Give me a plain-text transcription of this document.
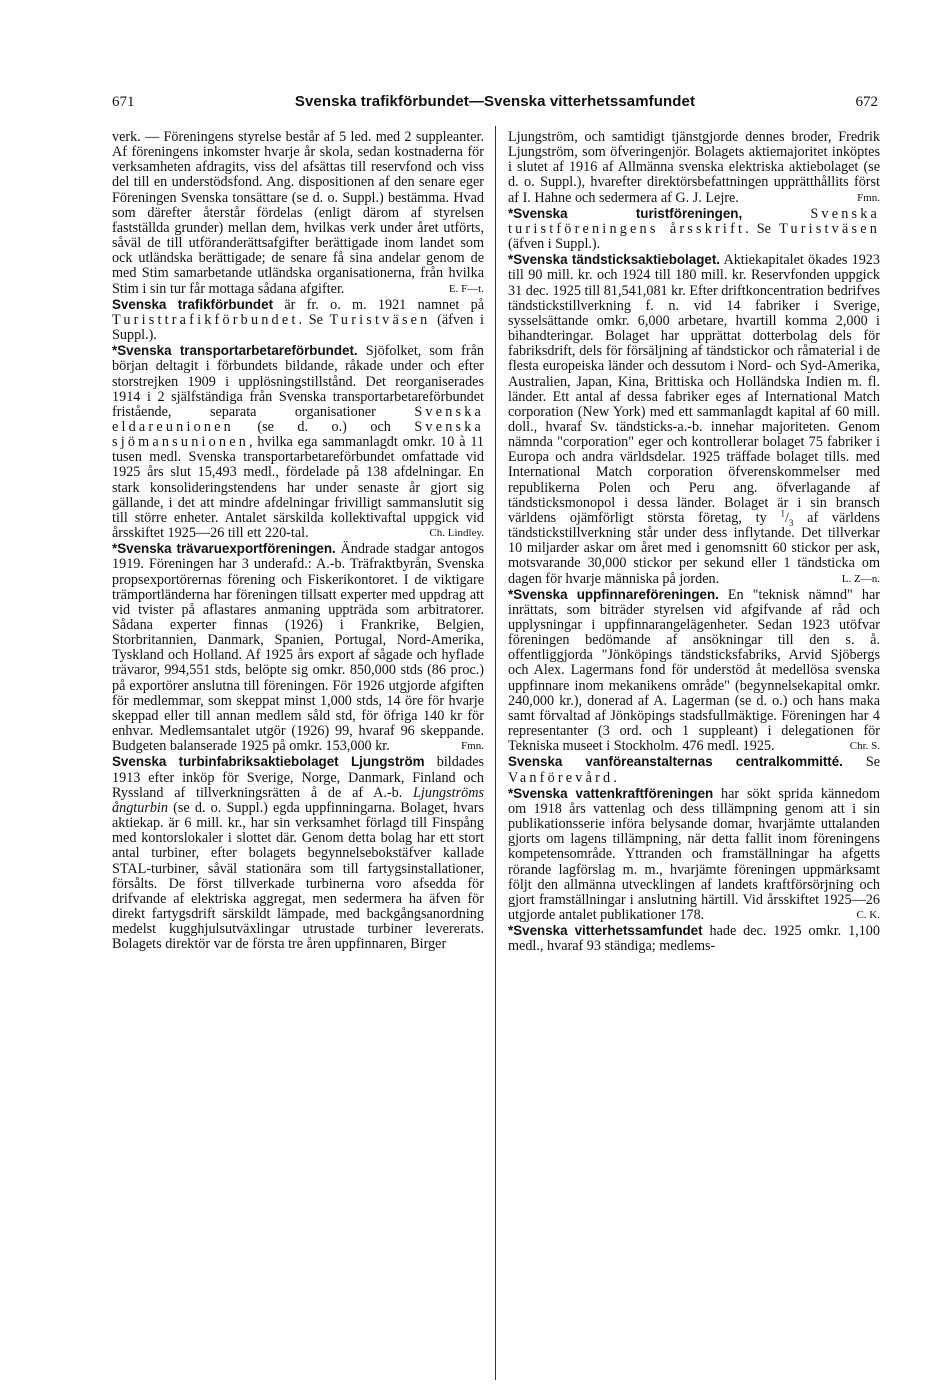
671	Svenska trafikförbundet—Svenska vitterhetssamfundet	672

verk. — Föreningens styrelse består af 5 led. med 2 suppleanter. Af föreningens inkomster hvarje år skola, sedan kostnaderna för verksamheten afdragits, viss del afsättas till reservfond och viss del till en understödsfond. Ang. dispositionen af den senare eger Föreningen Svenska tonsättare (se d. o. Suppl.) bestämma. Hvad som därefter återstår fördelas (enligt därom af styrelsen fastställda grunder) mellan dem, hvilkas verk under året utförts, såväl de till utföranderättsafgifter berättigade inom landet som ock utländska berättigade; de senare få sina andelar genom de med Stim samarbetande utländska organisationerna, från hvilka Stim i sin tur får mottaga sådana afgifter.	E. F—t.

Svenska trafikförbundet är fr. o. m. 1921 namnet på Turisttrafikförbundet. Se Turistväsen (äfven i Suppl.).

*Svenska transportarbetareförbundet. Sjöfolket, som från början deltagit i förbundets bildande, råkade under och efter storstrejken 1909 i upplösningstillstånd. Det reorganiserades 1914 i 2 själfständiga från Svenska transportarbetareförbundet fristående, separata organisationer Svenska eldareunionen (se d. o.) och Svenska sjömansunionen, hvilka ega sammanlagdt omkr. 10 à 11 tusen medl. Svenska transportarbetareförbundet omfattade vid 1925 års slut 15,493 medl., fördelade på 138 afdelningar. En stark konsolideringstendens har under senaste år gjort sig gällande, i det att mindre afdelningar frivilligt sammanslutit sig till större enheter. Antalet särskilda kollektivaftal uppgick vid årsskiftet 1925—26 till ett 220-tal.	Ch. Lindley.

*Svenska trävaruexportföreningen. Ändrade stadgar antogos 1919. Föreningen har 3 underafd.: A.-b. Träfraktbyrån, Svenska propsexportörernas förening och Fiskerikontoret. I de viktigare trämportländerna har föreningen tillsatt experter med uppdrag att vid tvister på aflastares anmaning uppträda som arbitratorer. Sådana experter finnas (1926) i Frankrike, Belgien, Storbritannien, Danmark, Spanien, Portugal, Nord-Amerika, Tyskland och Holland. Af 1925 års export af sågade och hyflade trävaror, 994,551 stds, belöpte sig omkr. 850,000 stds (86 proc.) på exportörer anslutna till föreningen. För 1926 utgjorde afgiften för medlemmar, som skeppat minst 1,000 stds, 14 öre för hvarje skeppad eller till annan medlem såld std, för öfriga 140 kr för enhvar. Medlemsantalet utgör (1926) 99, hvaraf 96 skeppande. Budgeten balanserade 1925 på omkr. 153,000 kr.	Fmn.

Svenska turbinfabriksaktiebolaget Ljungström bildades 1913 efter inköp för Sverige, Norge, Danmark, Finland och Ryssland af tillverkningsrätten å de af A.-b. Ljungströms ångturbin (se d. o. Suppl.) egda uppfinningarna. Bolaget, hvars aktiekap. är 6 mill. kr., har sin verksamhet förlagd till Finspång med kontorslokaler i slottet där. Genom detta bolag har ett stort antal turbiner, efter bolagets begynnelsebokstäfver kallade STAL-turbiner, såväl stationära som till fartygsinstallationer, försålts. De först tillverkade turbinerna voro afsedda för drifvande af elektriska aggregat, men sedermera ha äfven för direkt fartygsdrift särskildt lämpade, med backgångsanordning medelst kugghjulsutväxlingar utrustade turbiner levererats. Bolagets direktör var de första tre åren uppfinnaren, Birger

Ljungström, och samtidigt tjänstgjorde dennes broder, Fredrik Ljungström, som öfveringenjör. Bolagets aktiemajoritet inköptes i slutet af 1916 af Allmänna svenska elektriska aktiebolaget (se d. o. Suppl.), hvarefter direktörsbefattningen upprätthållits först af I. Hahne och sedermera af G. J. Lejre.	Fmn.

*Svenska turistföreningen,	Svenska turistföreningens årsskrift. Se Turistväsen (äfven i Suppl.).

*Svenska tändsticksaktiebolaget. Aktiekapitalet ökades 1923 till 90 mill. kr. och 1924 till 180 mill. kr. Reservfonden uppgick 31 dec. 1925 till 81,541,081 kr. Efter driftkoncentration bedrifves tändstickstillverkning f. n. vid 14 fabriker i Sverige, sysselsättande omkr. 6,000 arbetare, hvartill komma 2,000 i bihandteringar. Bolaget har upprättat dotterbolag dels för fabriksdrift, dels för försäljning af tändstickor och råmaterial i de flesta europeiska länder och dessutom i Nord- och Syd-Amerika, Australien, Japan, Kina, Brittiska och Holländska Indien m. fl. länder. Ett antal af dessa fabriker eges af International Match corporation (New York) med ett sammanlagdt kapital af 60 mill. doll., hvaraf Sv. tändsticks-a.-b. innehar majoriteten. Genom nämnda "corporation" eger och kontrollerar bolaget 75 fabriker i Europa och andra världsdelar. 1925 träffade bolaget tills. med International Match corporation öfverenskommelser med republikerna Polen och Peru ang. öfverlagande af tändsticksmonopol i dessa länder. Bolaget är i sin bransch världens ojämförligt största företag, ty $^1/_3$ af världens tändstickstillverkning står under dess inflytande. Det tillverkar 10 miljarder askar om året med i genomsnitt 60 stickor per ask, motsvarande 30,000 stickor per sekund eller 1 tändsticka om dagen för hvarje människa på jorden.	L. Z—n.

*Svenska uppfinnareföreningen. En "teknisk nämnd" har inrättats, som biträder styrelsen vid afgifvande af råd och upplysningar i uppfinnarangelägenheter. Sedan 1923 utöfvar föreningen bedömande af ansökningar till den s. å. offentliggjorda "Jönköpings tändsticksfabriks, Arvid Sjöbergs och Alex. Lagermans fond för understöd åt medellösa svenska uppfinnare inom mekanikens område" (begynnelsekapital omkr. 240,000 kr.), donerad af A. Lagerman (se d. o.) och hans maka samt förvaltad af Jönköpings stadsfullmäktige. Föreningen har 4 representanter (3 ord. och 1 suppleant) i delegationen för Tekniska museet i Stockholm. 476 medl. 1925.	Chr. S.

Svenska vanföreanstalternas centralkommitté. Se Vanförevård.

*Svenska vattenkraftföreningen har sökt sprida kännedom om 1918 års vattenlag och dess tillämpning genom att i sin publikationsserie införa belysande domar, hvarjämte uttalanden gjorts om lagens tillämpning, när detta fallit inom föreningens kompetensområde. Yttranden och framställningar ha afgetts rörande lagförslag m. m., hvarjämte föreningen uppmärksamt följt den allmänna utvecklingen af landets kraftförsörjning och gjort framställningar i anslutning härtill. Vid årsskiftet 1925—26 utgjorde antalet publikationer 178.	C. K.

*Svenska vitterhetssamfundet hade dec. 1925 omkr. 1,100 medl., hvaraf 93 ständiga; medlems-
